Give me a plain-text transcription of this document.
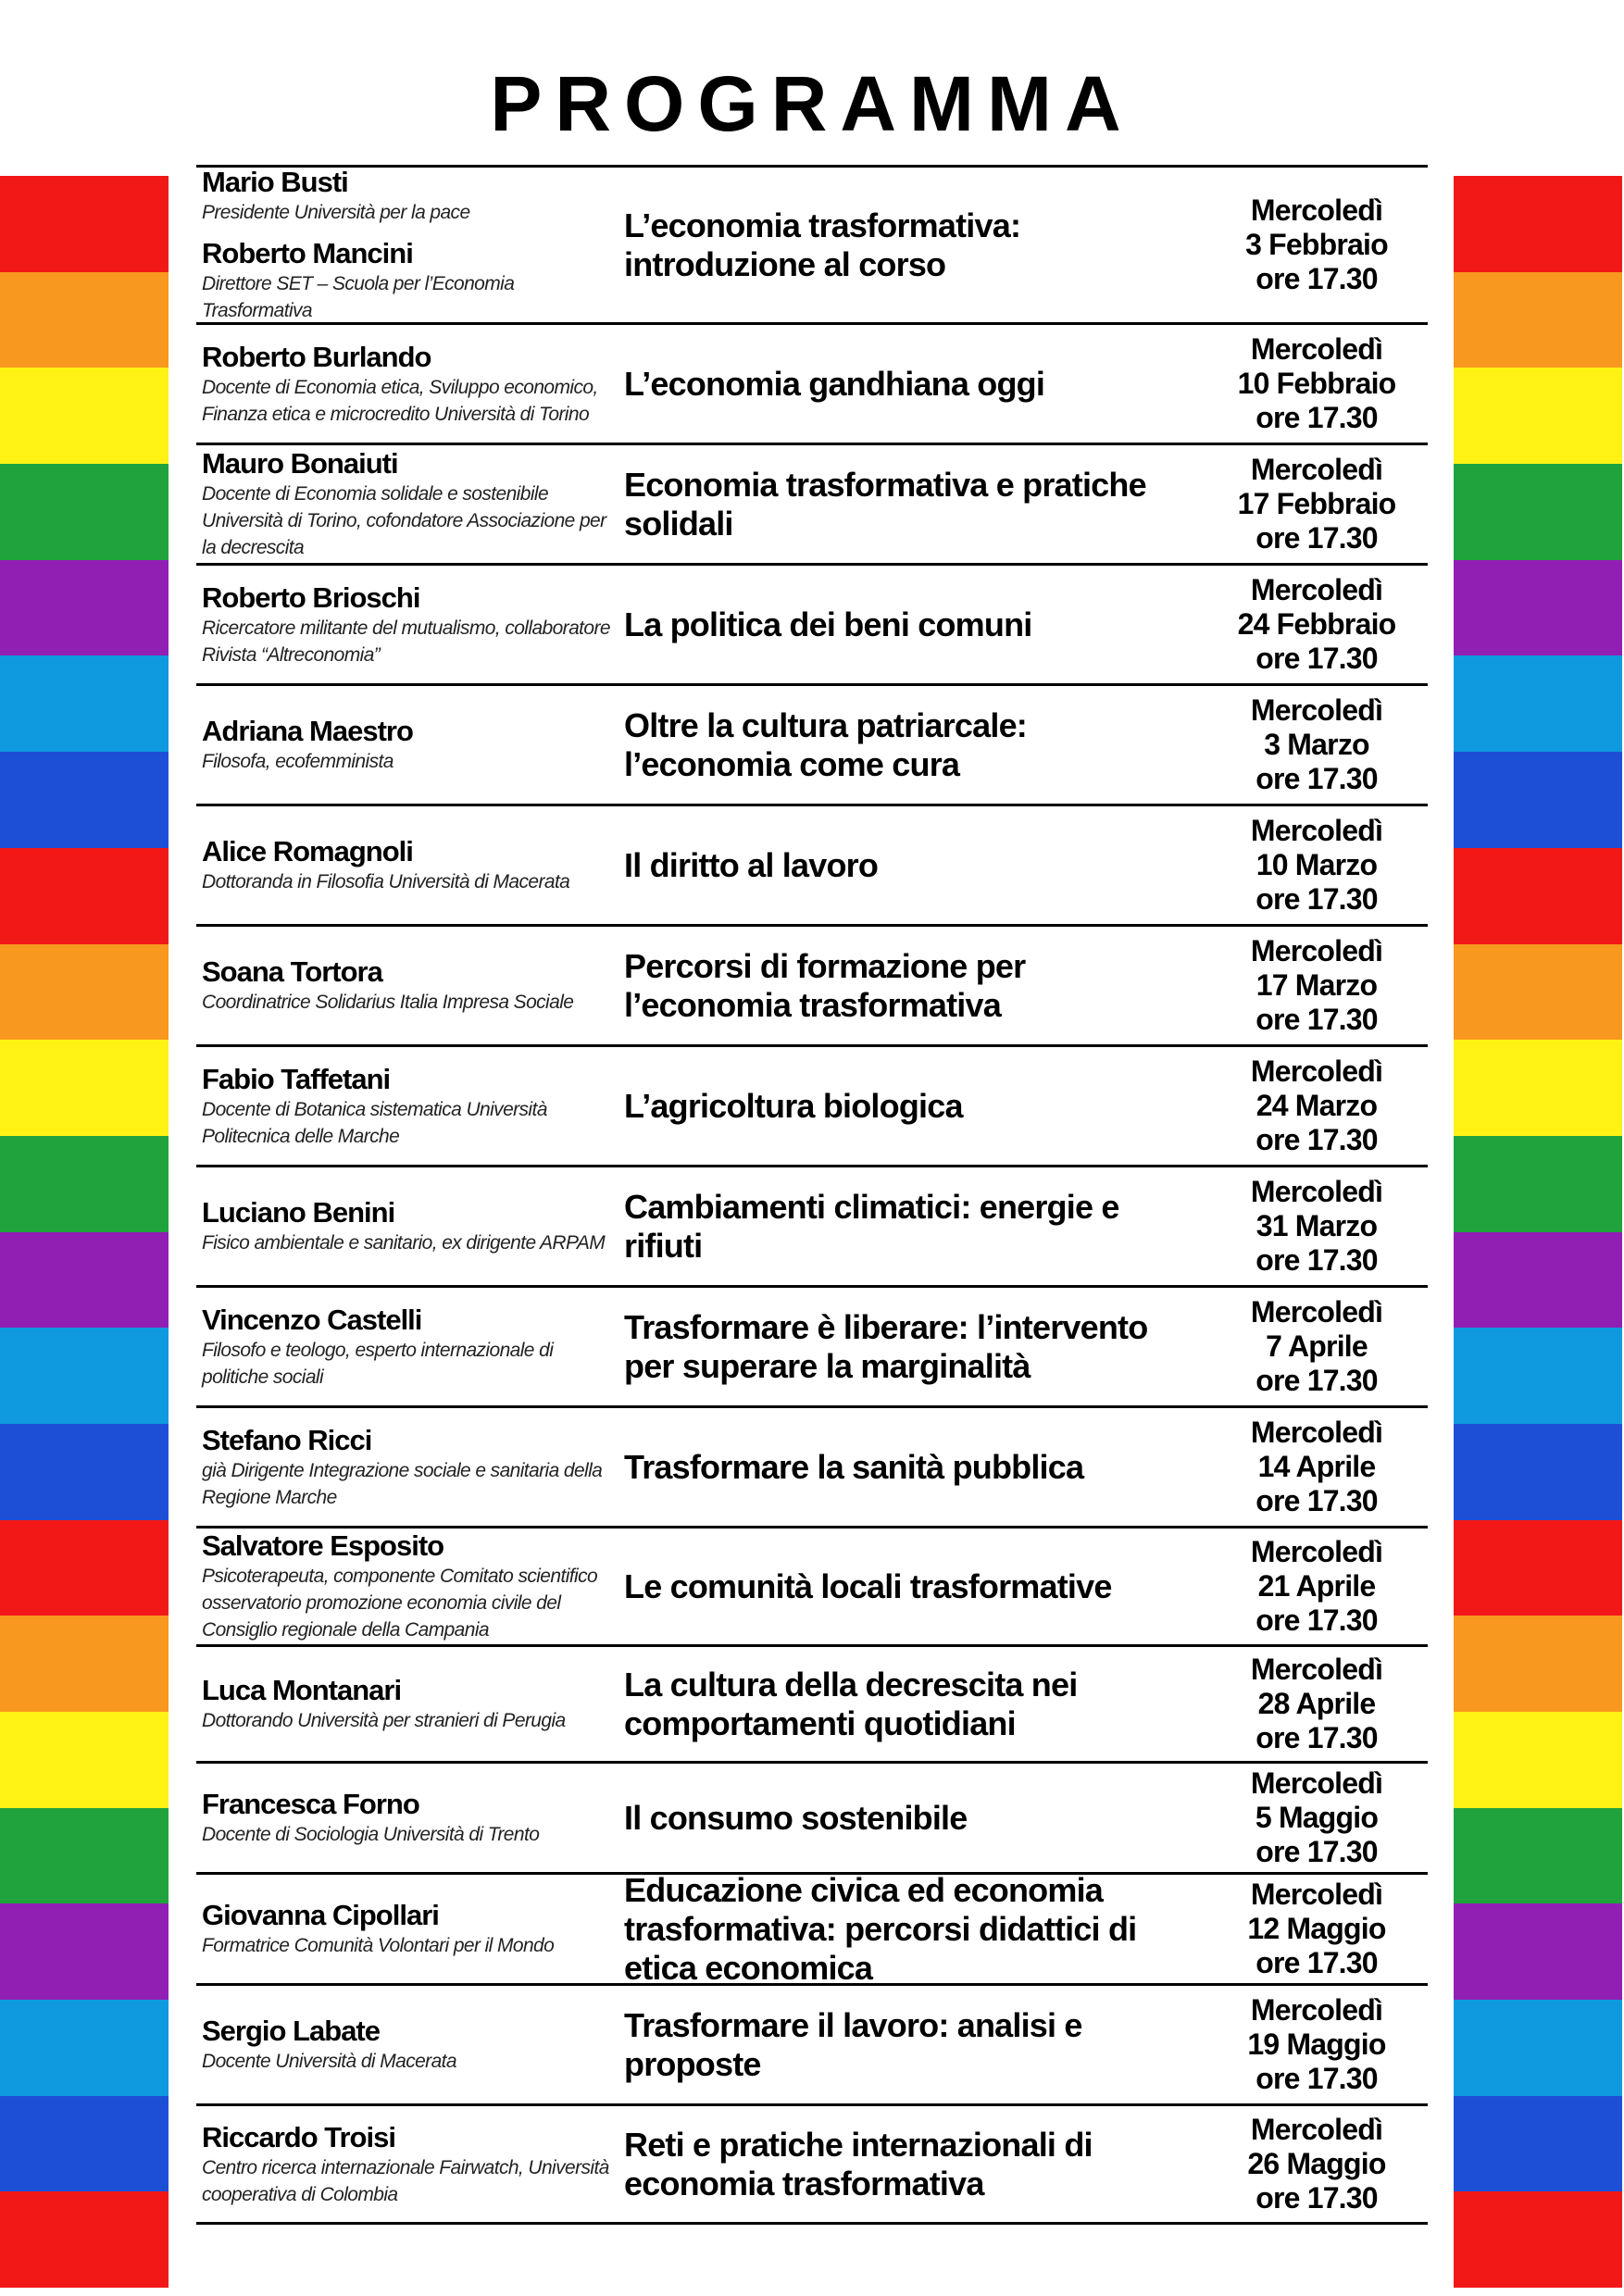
PROGRAMMA
Mario Busti
Presidente Università per la pace
Roberto Mancini
Direttore SET – Scuola per l’Economia Trasformativa
L’economia trasformativa: introduzione al corso
Mercoledì
3 Febbraio
ore 17.30
Roberto Burlando
Docente di Economia etica, Sviluppo economico, Finanza etica e microcredito Università di Torino
L’economia gandhiana oggi
Mercoledì
10 Febbraio
ore 17.30
Mauro Bonaiuti
Docente di Economia solidale e sostenibile Università di Torino, cofondatore Associazione per la decrescita
Economia trasformativa e pratiche solidali
Mercoledì
17 Febbraio
ore 17.30
Roberto Brioschi
Ricercatore militante del mutualismo, collaboratore Rivista “Altreconomia”
La politica dei beni comuni
Mercoledì
24 Febbraio
ore 17.30
Adriana Maestro
Filosofa, ecofemminista
Oltre la cultura patriarcale: l’economia come cura
Mercoledì
3 Marzo
ore 17.30
Alice Romagnoli
Dottoranda in Filosofia Università di Macerata	Il diritto al lavoro
Mercoledì
10 Marzo
ore 17.30
Soana Tortora
Coordinatrice Solidarius Italia Impresa Sociale
Percorsi di formazione per l’economia trasformativa
Mercoledì
17 Marzo
ore 17.30
Fabio Taffetani
Docente di Botanica sistematica Università Politecnica delle Marche
L’agricoltura biologica
Mercoledì
24 Marzo
ore 17.30
Luciano Benini
Fisico ambientale e sanitario, ex dirigente ARPAM
Cambiamenti climatici: energie e rifiuti
Mercoledì
31 Marzo
ore 17.30
Vincenzo Castelli
Filosofo e teologo, esperto internazionale di politiche sociali
Trasformare è liberare: l’intervento per superare la marginalità
Mercoledì
7 Aprile
ore 17.30
Stefano Ricci
già Dirigente Integrazione sociale e sanitaria della Regione Marche
Trasformare la sanità pubblica
Mercoledì
14 Aprile
ore 17.30
Salvatore Esposito
Psicoterapeuta, componente Comitato scientifico osservatorio promozione economia civile del Consiglio regionale della Campania
Le comunità locali trasformative
Mercoledì
21 Aprile
ore 17.30
Luca Montanari
Dottorando Università per stranieri di Perugia
La cultura della decrescita nei comportamenti quotidiani
Mercoledì
28 Aprile
ore 17.30
Francesca Forno
Docente di Sociologia Università di Trento	Il consumo sostenibile
Mercoledì
5 Maggio
ore 17.30
Giovanna Cipollari
Formatrice Comunità Volontari per il Mondo
Educazione civica ed economia trasformativa: percorsi didattici di etica economica
Mercoledì
12 Maggio
ore 17.30
Sergio Labate
Docente Università di Macerata
Trasformare il lavoro: analisi e proposte
Mercoledì
19 Maggio
ore 17.30
Riccardo Troisi
Centro ricerca internazionale Fairwatch, Università cooperativa di Colombia
Reti e pratiche internazionali di economia trasformativa
Mercoledì
26 Maggio
ore 17.30
